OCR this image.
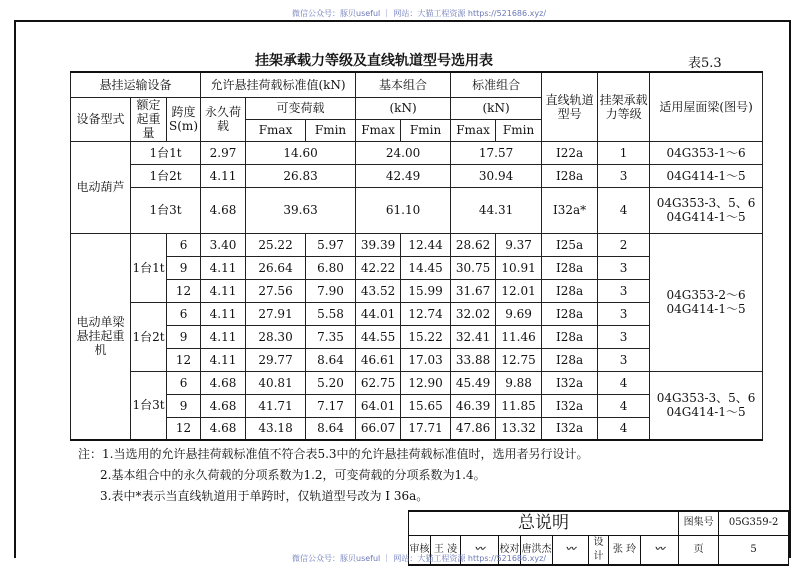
微信公众号：豚贝useful ｜ 网站：大猫工程资源 https://521686.xyz/
挂架承载力等级及直线轨道型号选用表	表5.3
悬挂运输设备			允许悬挂荷载标准值(kN)			基本组合		标准组合		直线轨道型号	挂架承载力等级	适用屋面梁(图号)
设备型式	额定起重量	跨度S(m)	永久荷载	可变荷载		(kN)		(kN)				
				Fmax	Fmin	Fmax	Fmin	Fmax	Fmin			
电动葫芦	1台1t		2.97	14.60		24.00		17.57		I22a	1	04G353-1～6
	1台2t		4.11	26.83		42.49		30.94		I28a	3	04G414-1～5
	1台3t		4.68	39.63		61.10		44.31		I32a*	4	04G353-3、5、6 04G414-1～5
电动单梁悬挂起重机	1台1t	6	3.40	25.22	5.97	39.39	12.44	28.62	9.37	I25a	2	04G353-2～6 04G414-1～5
		9	4.11	26.64	6.80	42.22	14.45	30.75	10.91	I28a	3	
		12	4.11	27.56	7.90	43.52	15.99	31.67	12.01	I28a	3	
	1台2t	6	4.11	27.91	5.58	44.01	12.74	32.02	9.69	I28a	3	
		9	4.11	28.30	7.35	44.55	15.22	32.41	11.46	I28a	3	
		12	4.11	29.77	8.64	46.61	17.03	33.88	12.75	I28a	3	
	1台3t	6	4.68	40.81	5.20	62.75	12.90	45.49	9.88	I32a	4	04G353-3、5、6 04G414-1～5
		9	4.68	41.71	7.17	64.01	15.65	46.39	11.85	I32a	4	
		12	4.68	43.18	8.64	66.07	17.71	47.86	13.32	I32a	4	
注：1.当选用的允许悬挂荷载标准值不符合表5.3中的允许悬挂荷载标准值时，选用者另行设计。
2.基本组合中的永久荷载的分项系数为1.2，可变荷载的分项系数为1.4。
3.表中*表示当直线轨道用于单跨时，仅轨道型号改为 I 36a。
总说明									图集号	05G359-2
审核	王 凌	〰	校对	唐洪杰	〰	设计	张 玲	〰	页	5
微信公众号：豚贝useful ｜ 网站：大猫工程资源 https://521686.xyz/
